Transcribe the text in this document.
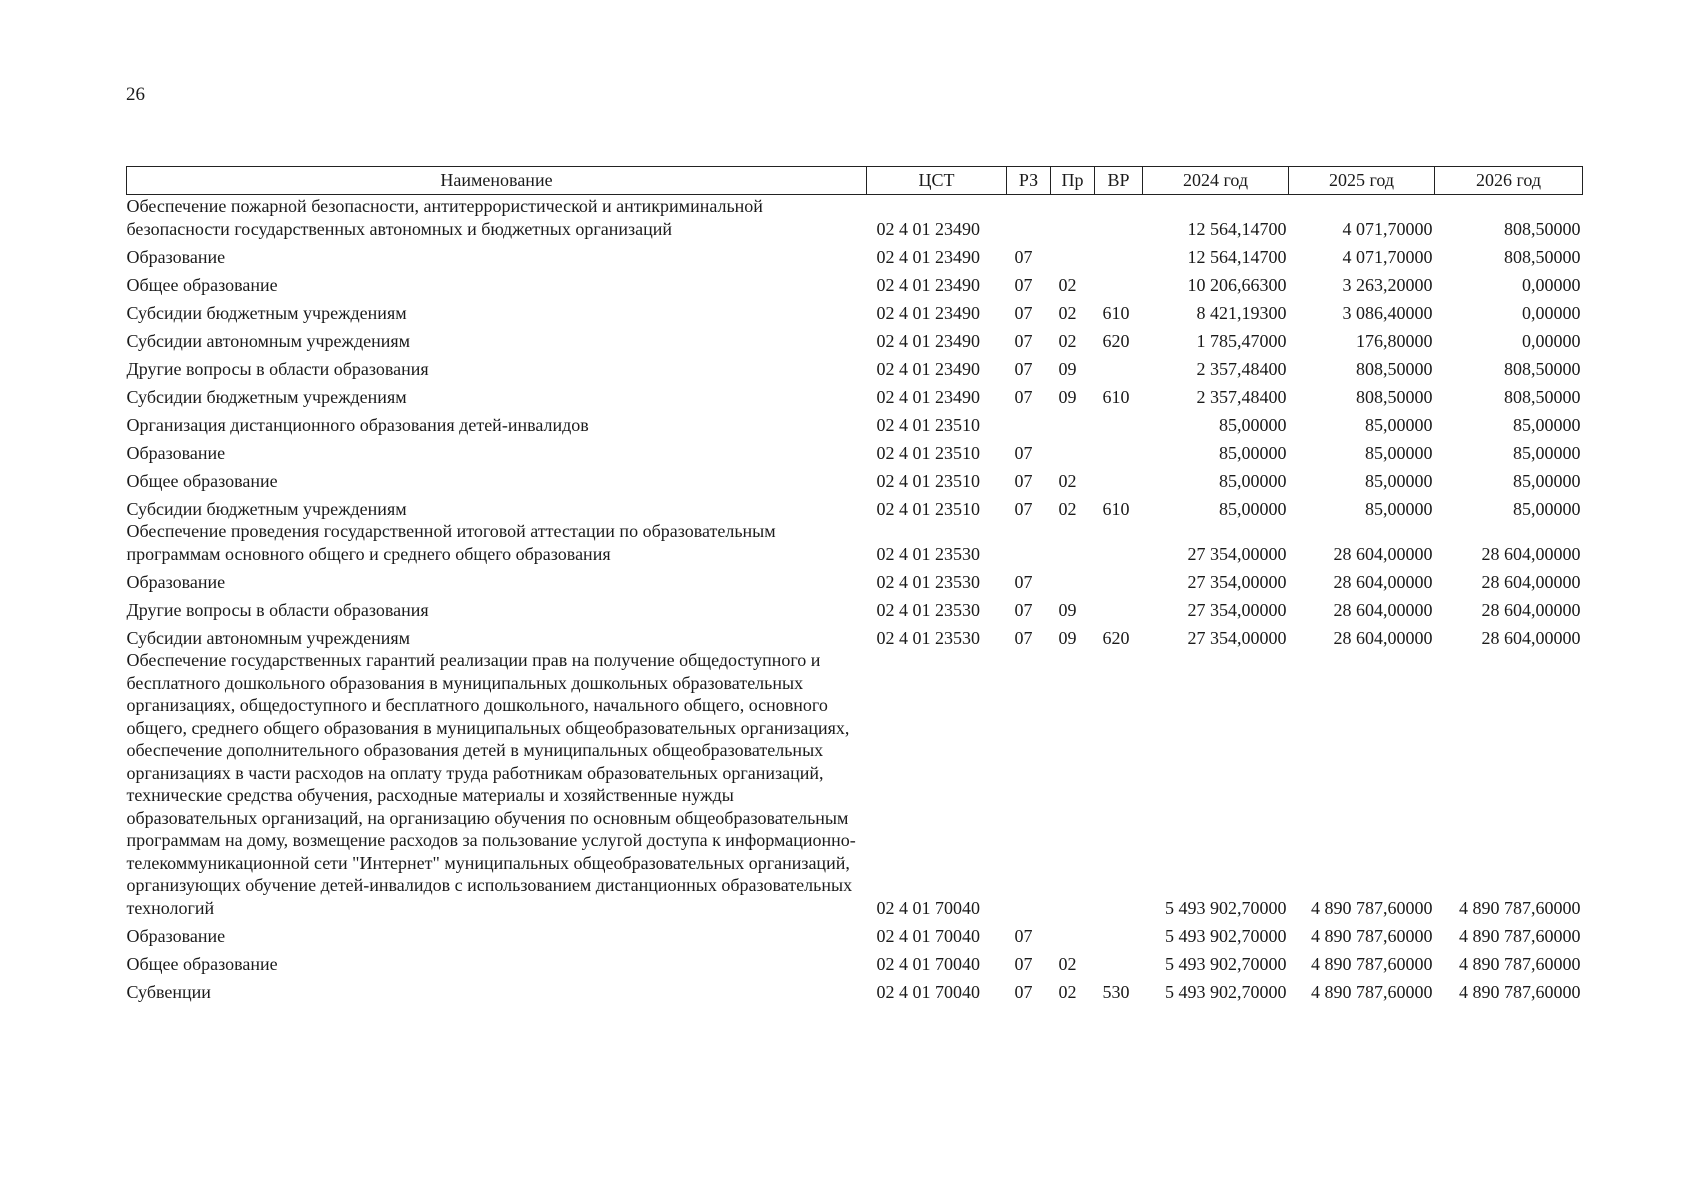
26
Наименование	ЦСТ	РЗ	Пр	ВР	2024 год	2025 год	2026 год
Обеспечение пожарной безопасности, антитеррористической и антикриминальной безопасности государственных автономных и бюджетных организаций	02 4 01 23490				12 564,14700	4 071,70000	808,50000
Образование	02 4 01 23490	07			12 564,14700	4 071,70000	808,50000
Общее образование	02 4 01 23490	07	02		10 206,66300	3 263,20000	0,00000
Субсидии бюджетным учреждениям	02 4 01 23490	07	02	610	8 421,19300	3 086,40000	0,00000
Субсидии автономным учреждениям	02 4 01 23490	07	02	620	1 785,47000	176,80000	0,00000
Другие вопросы в области образования	02 4 01 23490	07	09		2 357,48400	808,50000	808,50000
Субсидии бюджетным учреждениям	02 4 01 23490	07	09	610	2 357,48400	808,50000	808,50000
Организация дистанционного образования детей-инвалидов	02 4 01 23510				85,00000	85,00000	85,00000
Образование	02 4 01 23510	07			85,00000	85,00000	85,00000
Общее образование	02 4 01 23510	07	02		85,00000	85,00000	85,00000
Субсидии бюджетным учреждениям	02 4 01 23510	07	02	610	85,00000	85,00000	85,00000
Обеспечение проведения государственной итоговой аттестации по образовательным программам основного общего и среднего общего образования	02 4 01 23530				27 354,00000	28 604,00000	28 604,00000
Образование	02 4 01 23530	07			27 354,00000	28 604,00000	28 604,00000
Другие вопросы в области образования	02 4 01 23530	07	09		27 354,00000	28 604,00000	28 604,00000
Субсидии автономным учреждениям	02 4 01 23530	07	09	620	27 354,00000	28 604,00000	28 604,00000
Обеспечение государственных гарантий реализации прав на получение общедоступного и бесплатного дошкольного образования в муниципальных дошкольных образовательных организациях, общедоступного и бесплатного дошкольного, начального общего, основного общего, среднего общего образования в муниципальных общеобразовательных организациях, обеспечение дополнительного образования детей в муниципальных общеобразовательных организациях в части расходов на оплату труда работникам образовательных организаций, технические средства обучения, расходные материалы и хозяйственные нужды образовательных организаций, на организацию обучения по основным общеобразовательным программам на дому, возмещение расходов за пользование услугой доступа к информационно-телекоммуникационной сети "Интернет" муниципальных общеобразовательных организаций, организующих обучение детей-инвалидов с использованием дистанционных образовательных технологий	02 4 01 70040				5 493 902,70000	4 890 787,60000	4 890 787,60000
Образование	02 4 01 70040	07			5 493 902,70000	4 890 787,60000	4 890 787,60000
Общее образование	02 4 01 70040	07	02		5 493 902,70000	4 890 787,60000	4 890 787,60000
Субвенции	02 4 01 70040	07	02	530	5 493 902,70000	4 890 787,60000	4 890 787,60000
